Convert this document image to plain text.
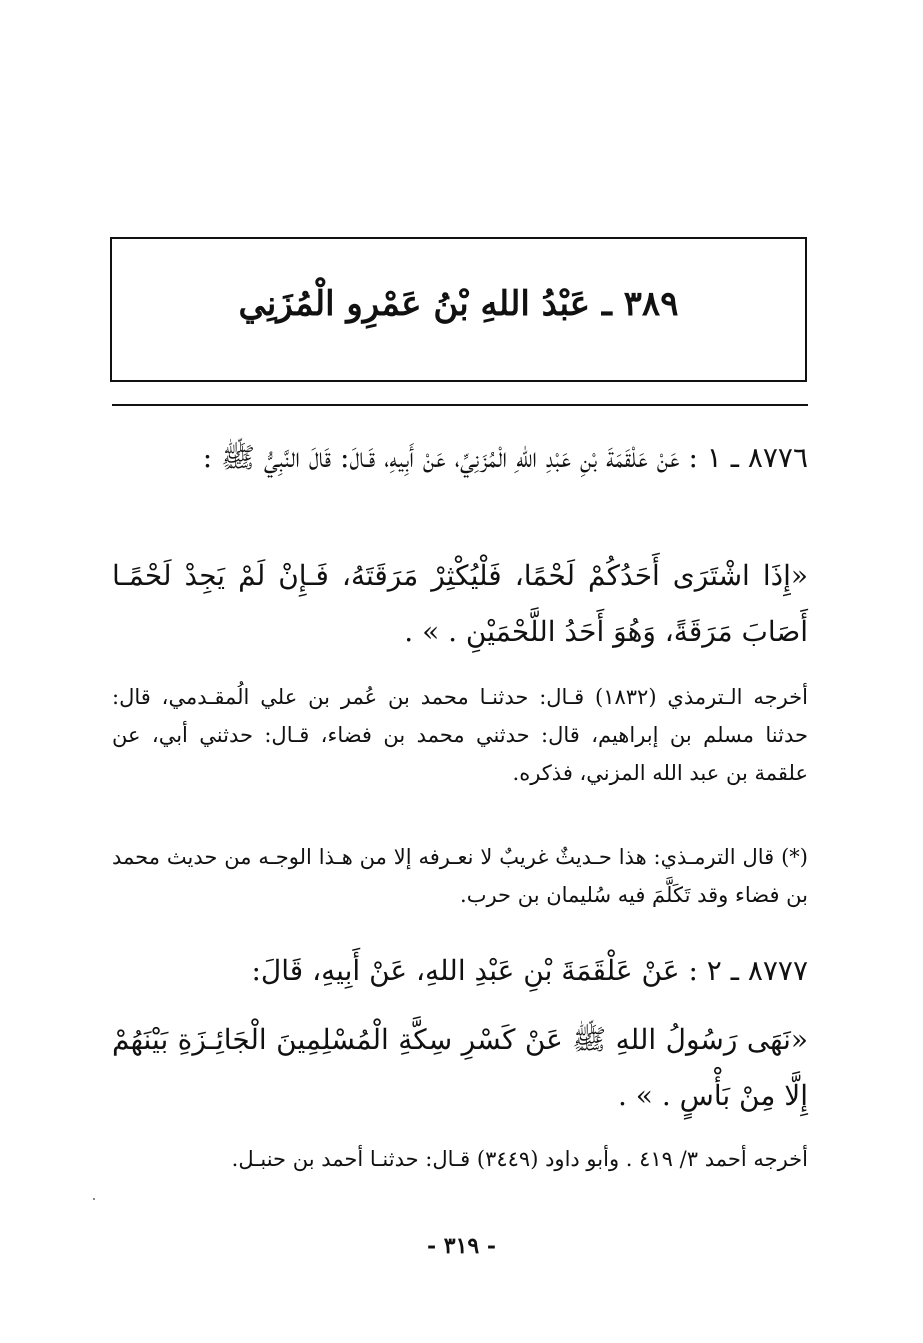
٣٨٩ ـ عَبْدُ اللهِ بْنُ عَمْرِو الْمُزَنِي
٨٧٧٦ ـ ١ : عَنْ عَلْقَمَةَ بْنِ عَبْدِ اللهِ الْمُزَنِيِّ، عَنْ أَبِيهِ، قَـالَ: قَالَ النَّبِيُّ ﷺ :
«إِذَا اشْتَرَى أَحَدُكُمْ لَحْمًا، فَلْيُكْثِرْ مَرَقَتَهُ، فَـإِنْ لَمْ يَجِدْ لَحْمًـا أَصَابَ مَرَقَةً، وَهُوَ أَحَدُ اللَّحْمَيْنِ . » .
أخرجه الـترمذي (١٨٣٢) قـال: حدثنـا محمد بن عُمر بن علي الُمقـدمي، قال: حدثنا مسلم بن إبراهيم، قال: حدثني محمد بن فضاء، قـال: حدثني أبي، عن علقمة بن عبد الله المزني، فذكره.
(*) قال الترمـذي: هذا حـديثٌ غريبٌ لا نعـرفه إلا من هـذا الوجـه من حديث محمد بن فضاء وقد تَكَلَّمَ فيه سُليمان بن حرب.
٨٧٧٧ ـ ٢ : عَنْ عَلْقَمَةَ بْنِ عَبْدِ اللهِ، عَنْ أَبِيهِ، قَالَ:
«نَهَى رَسُولُ اللهِ ﷺ عَنْ كَسْرِ سِكَّةِ الْمُسْلِمِينَ الْجَائِـزَةِ بَيْنَهُمْ إِلَّا مِنْ بَأْسٍ . » .
أخرجه أحمد ٣/ ٤١٩ . وأبو داود (٣٤٤٩) قـال: حدثنـا أحمد بن حنبـل.
- ٣١٩ -
